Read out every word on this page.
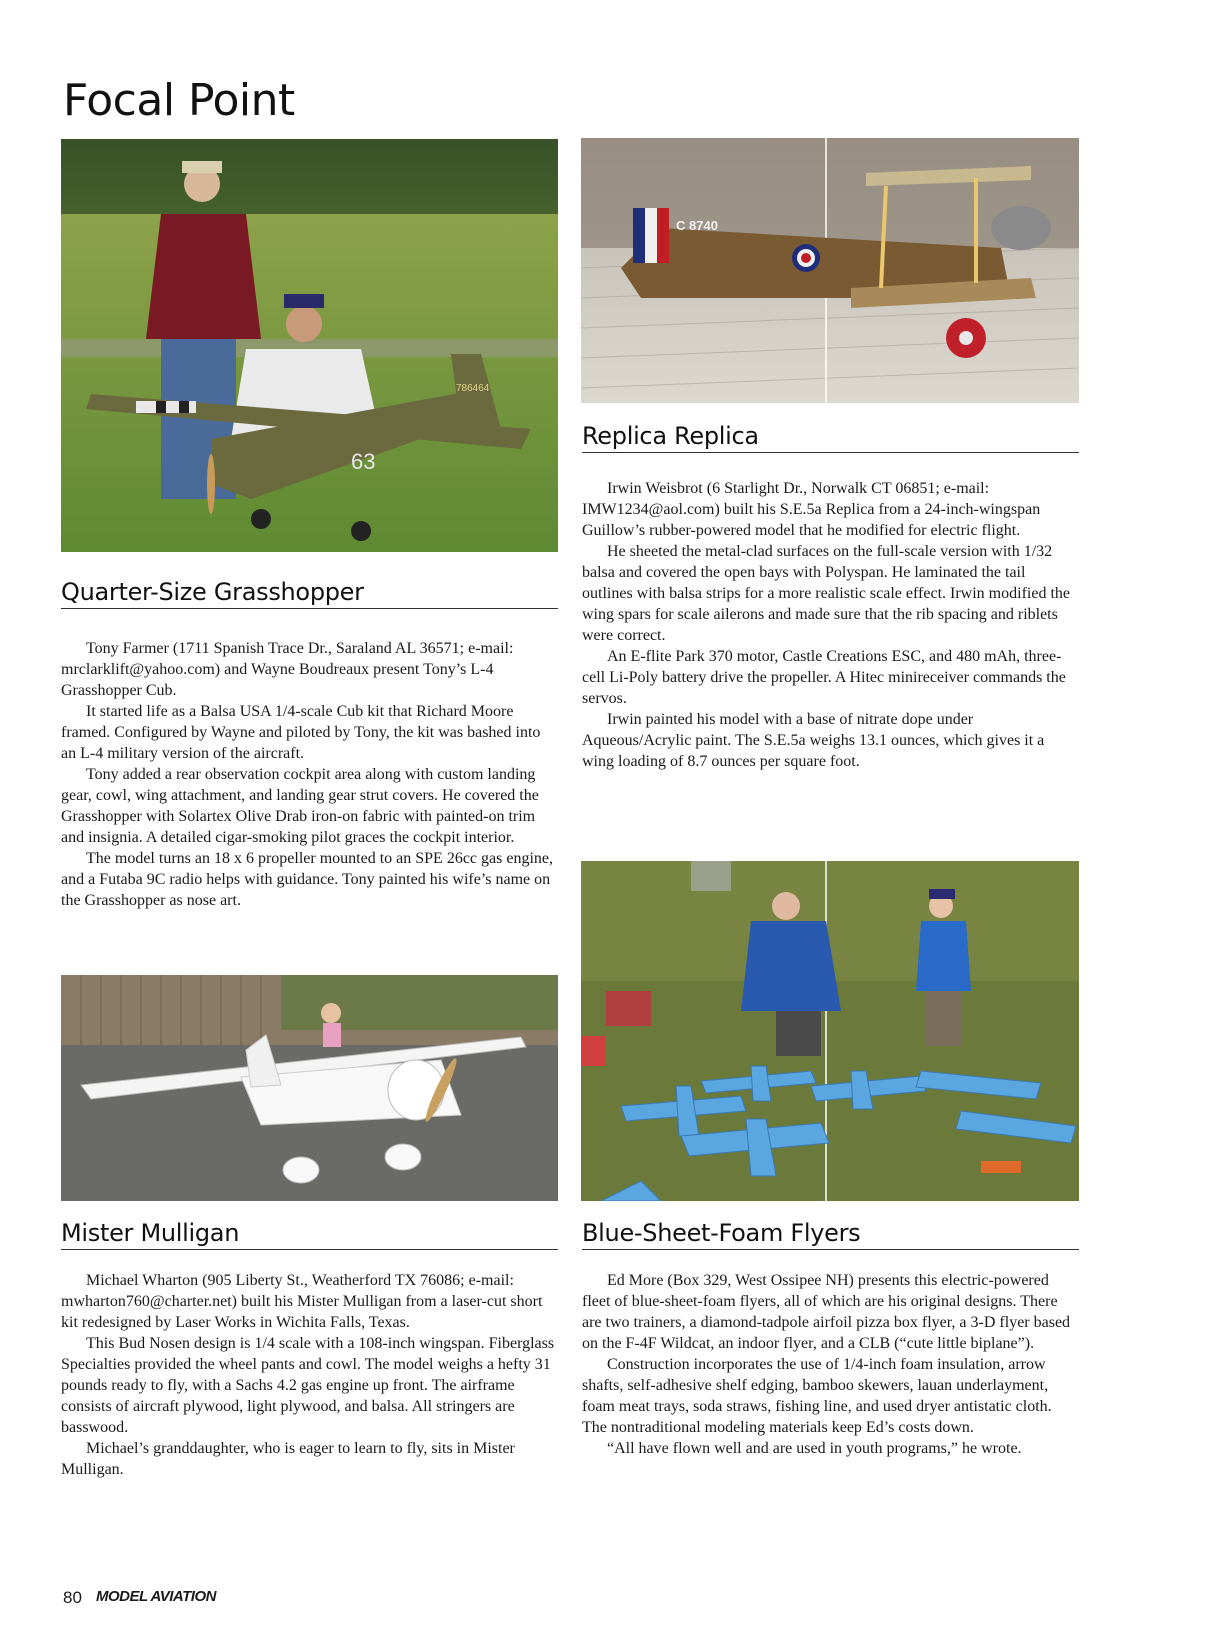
Focal Point
786464
63
C 8740
Quarter-Size Grasshopper
Replica Replica
Mister Mulligan	Blue-Sheet-Foam Flyers

Tony Farmer (1711 Spanish Trace Dr., Saraland AL 36571; e-mail: mrclarklift@yahoo.com) and Wayne Boudreaux present Tony’s L-4 Grasshopper Cub.

It started life as a Balsa USA 1/4-scale Cub kit that Richard Moore framed. Configured by Wayne and piloted by Tony, the kit was bashed into an L-4 military version of the aircraft.

Tony added a rear observation cockpit area along with custom landing gear, cowl, wing attachment, and landing gear strut covers. He covered the Grasshopper with Solartex Olive Drab iron-on fabric with painted-on trim and insignia. A detailed cigar-smoking pilot graces the cockpit interior.

The model turns an 18 x 6 propeller mounted to an SPE 26cc gas engine, and a Futaba 9C radio helps with guidance. Tony painted his wife’s name on the Grasshopper as nose art.

Irwin Weisbrot (6 Starlight Dr., Norwalk CT 06851; e-mail: IMW1234@aol.com) built his S.E.5a Replica from a 24-inch-wingspan Guillow’s rubber-powered model that he modified for electric flight.

He sheeted the metal-clad surfaces on the full-scale version with 1/32 balsa and covered the open bays with Polyspan. He laminated the tail outlines with balsa strips for a more realistic scale effect. Irwin modified the wing spars for scale ailerons and made sure that the rib spacing and riblets were correct.

An E-flite Park 370 motor, Castle Creations ESC, and 480 mAh, three-cell Li-Poly battery drive the propeller. A Hitec minireceiver commands the servos.

Irwin painted his model with a base of nitrate dope under Aqueous/Acrylic paint. The S.E.5a weighs 13.1 ounces, which gives it a wing loading of 8.7 ounces per square foot.

Michael Wharton (905 Liberty St., Weatherford TX 76086; e-mail: mwharton760@charter.net) built his Mister Mulligan from a laser-cut short kit redesigned by Laser Works in Wichita Falls, Texas.

This Bud Nosen design is 1/4 scale with a 108-inch wingspan. Fiberglass Specialties provided the wheel pants and cowl. The model weighs a hefty 31 pounds ready to fly, with a Sachs 4.2 gas engine up front. The airframe consists of aircraft plywood, light plywood, and balsa. All stringers are basswood.

Michael’s granddaughter, who is eager to learn to fly, sits in Mister Mulligan.

Ed More (Box 329, West Ossipee NH) presents this electric-powered fleet of blue-sheet-foam flyers, all of which are his original designs. There are two trainers, a diamond-tadpole airfoil pizza box flyer, a 3-D flyer based on the F-4F Wildcat, an indoor flyer, and a CLB (“cute little biplane”).

Construction incorporates the use of 1/4-inch foam insulation, arrow shafts, self-adhesive shelf edging, bamboo skewers, lauan underlayment, foam meat trays, soda straws, fishing line, and used dryer antistatic cloth. The nontraditional modeling materials keep Ed’s costs down.

“All have flown well and are used in youth programs,” he wrote.

80 MODEL AVIATION
